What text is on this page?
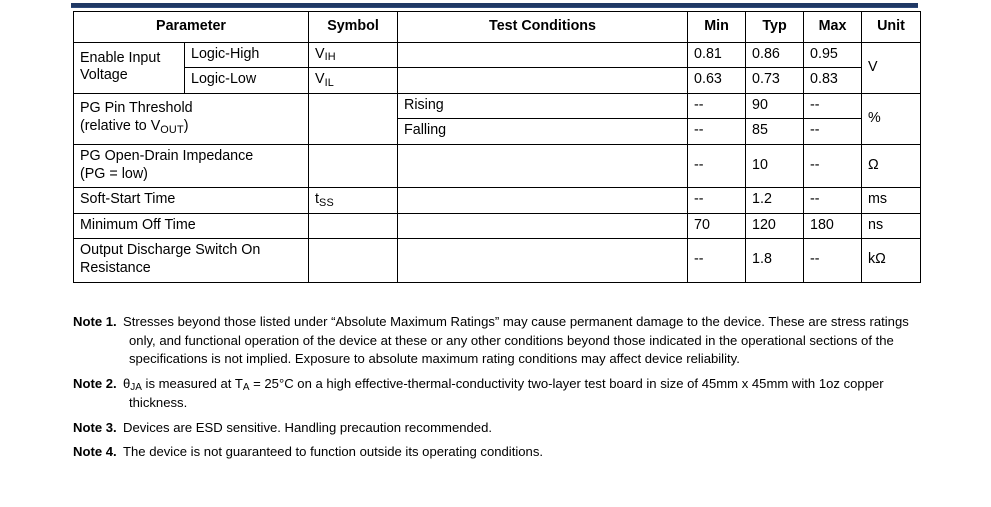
Parameter		Symbol	Test Conditions	Min	Typ	Max	Unit
Enable Input
Voltage	Logic-High	VIH		0.81	0.86	0.95	V
	Logic-Low	VIL		0.63	0.73	0.83	
PG Pin Threshold
(relative to VOUT)			Rising	--	90	--	%
			Falling	--	85	--	
PG Open-Drain Impedance
(PG = low)				--	10	--	Ω
Soft-Start Time		tSS		--	1.2	--	ms
Minimum Off Time				70	120	180	ns
Output Discharge Switch On
Resistance				--	1.8	--	kΩ
Note 1. Stresses beyond those listed under “Absolute Maximum Ratings” may cause permanent damage to the device. These are stress ratings only, and functional operation of the device at these or any other conditions beyond those indicated in the operational sections of the specifications is not implied. Exposure to absolute maximum rating conditions may affect device reliability.
Note 2. θJA is measured at TA = 25°C on a high effective-thermal-conductivity two-layer test board in size of 45mm x 45mm with 1oz copper thickness.
Note 3. Devices are ESD sensitive. Handling precaution recommended.
Note 4. The device is not guaranteed to function outside its operating conditions.
